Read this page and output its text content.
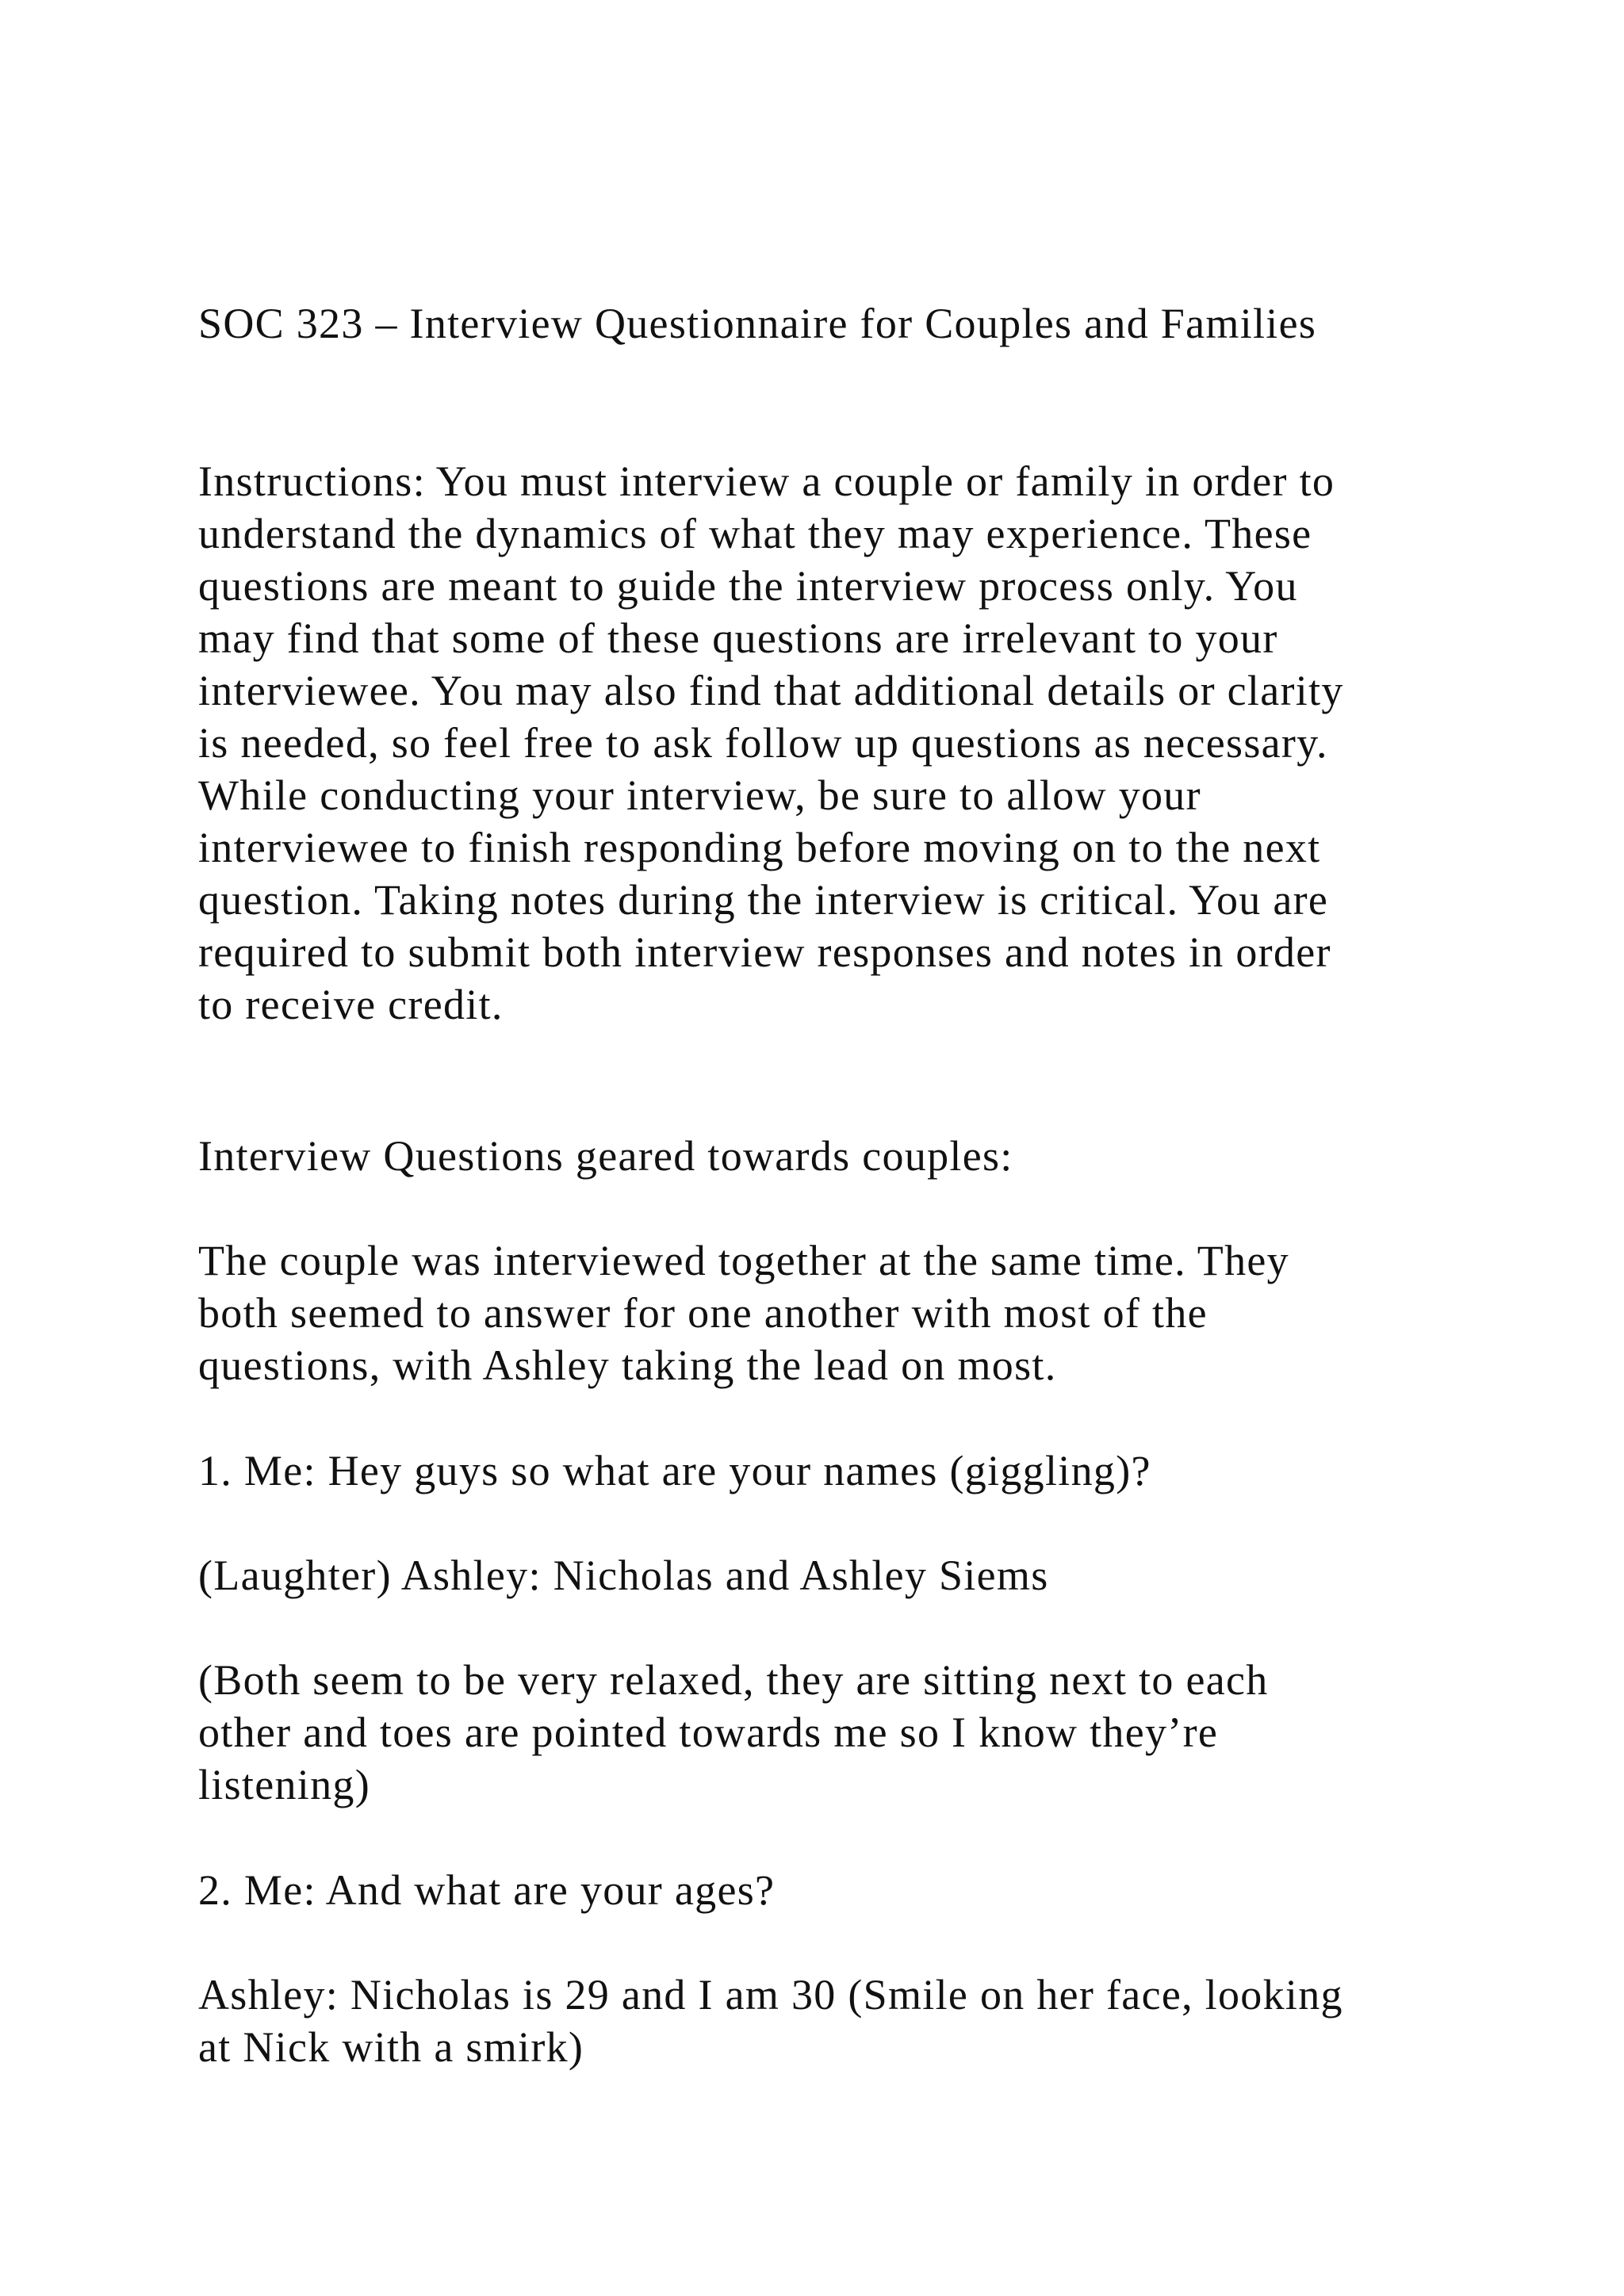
SOC 323 – Interview Questionnaire for Couples and Families

Instructions: You must interview a couple or family in order to
understand the dynamics of what they may experience. These
questions are meant to guide the interview process only. You
may find that some of these questions are irrelevant to your
interviewee. You may also find that additional details or clarity
is needed, so feel free to ask follow up questions as necessary.
While conducting your interview, be sure to allow your
interviewee to finish responding before moving on to the next
question. Taking notes during the interview is critical. You are
required to submit both interview responses and notes in order
to receive credit.

Interview Questions geared towards couples:

The couple was interviewed together at the same time. They
both seemed to answer for one another with most of the
questions, with Ashley taking the lead on most.

1. Me: Hey guys so what are your names (giggling)?

(Laughter) Ashley: Nicholas and Ashley Siems

(Both seem to be very relaxed, they are sitting next to each
other and toes are pointed towards me so I know they’re
listening)

2. Me: And what are your ages?

Ashley: Nicholas is 29 and I am 30 (Smile on her face, looking
at Nick with a smirk)
